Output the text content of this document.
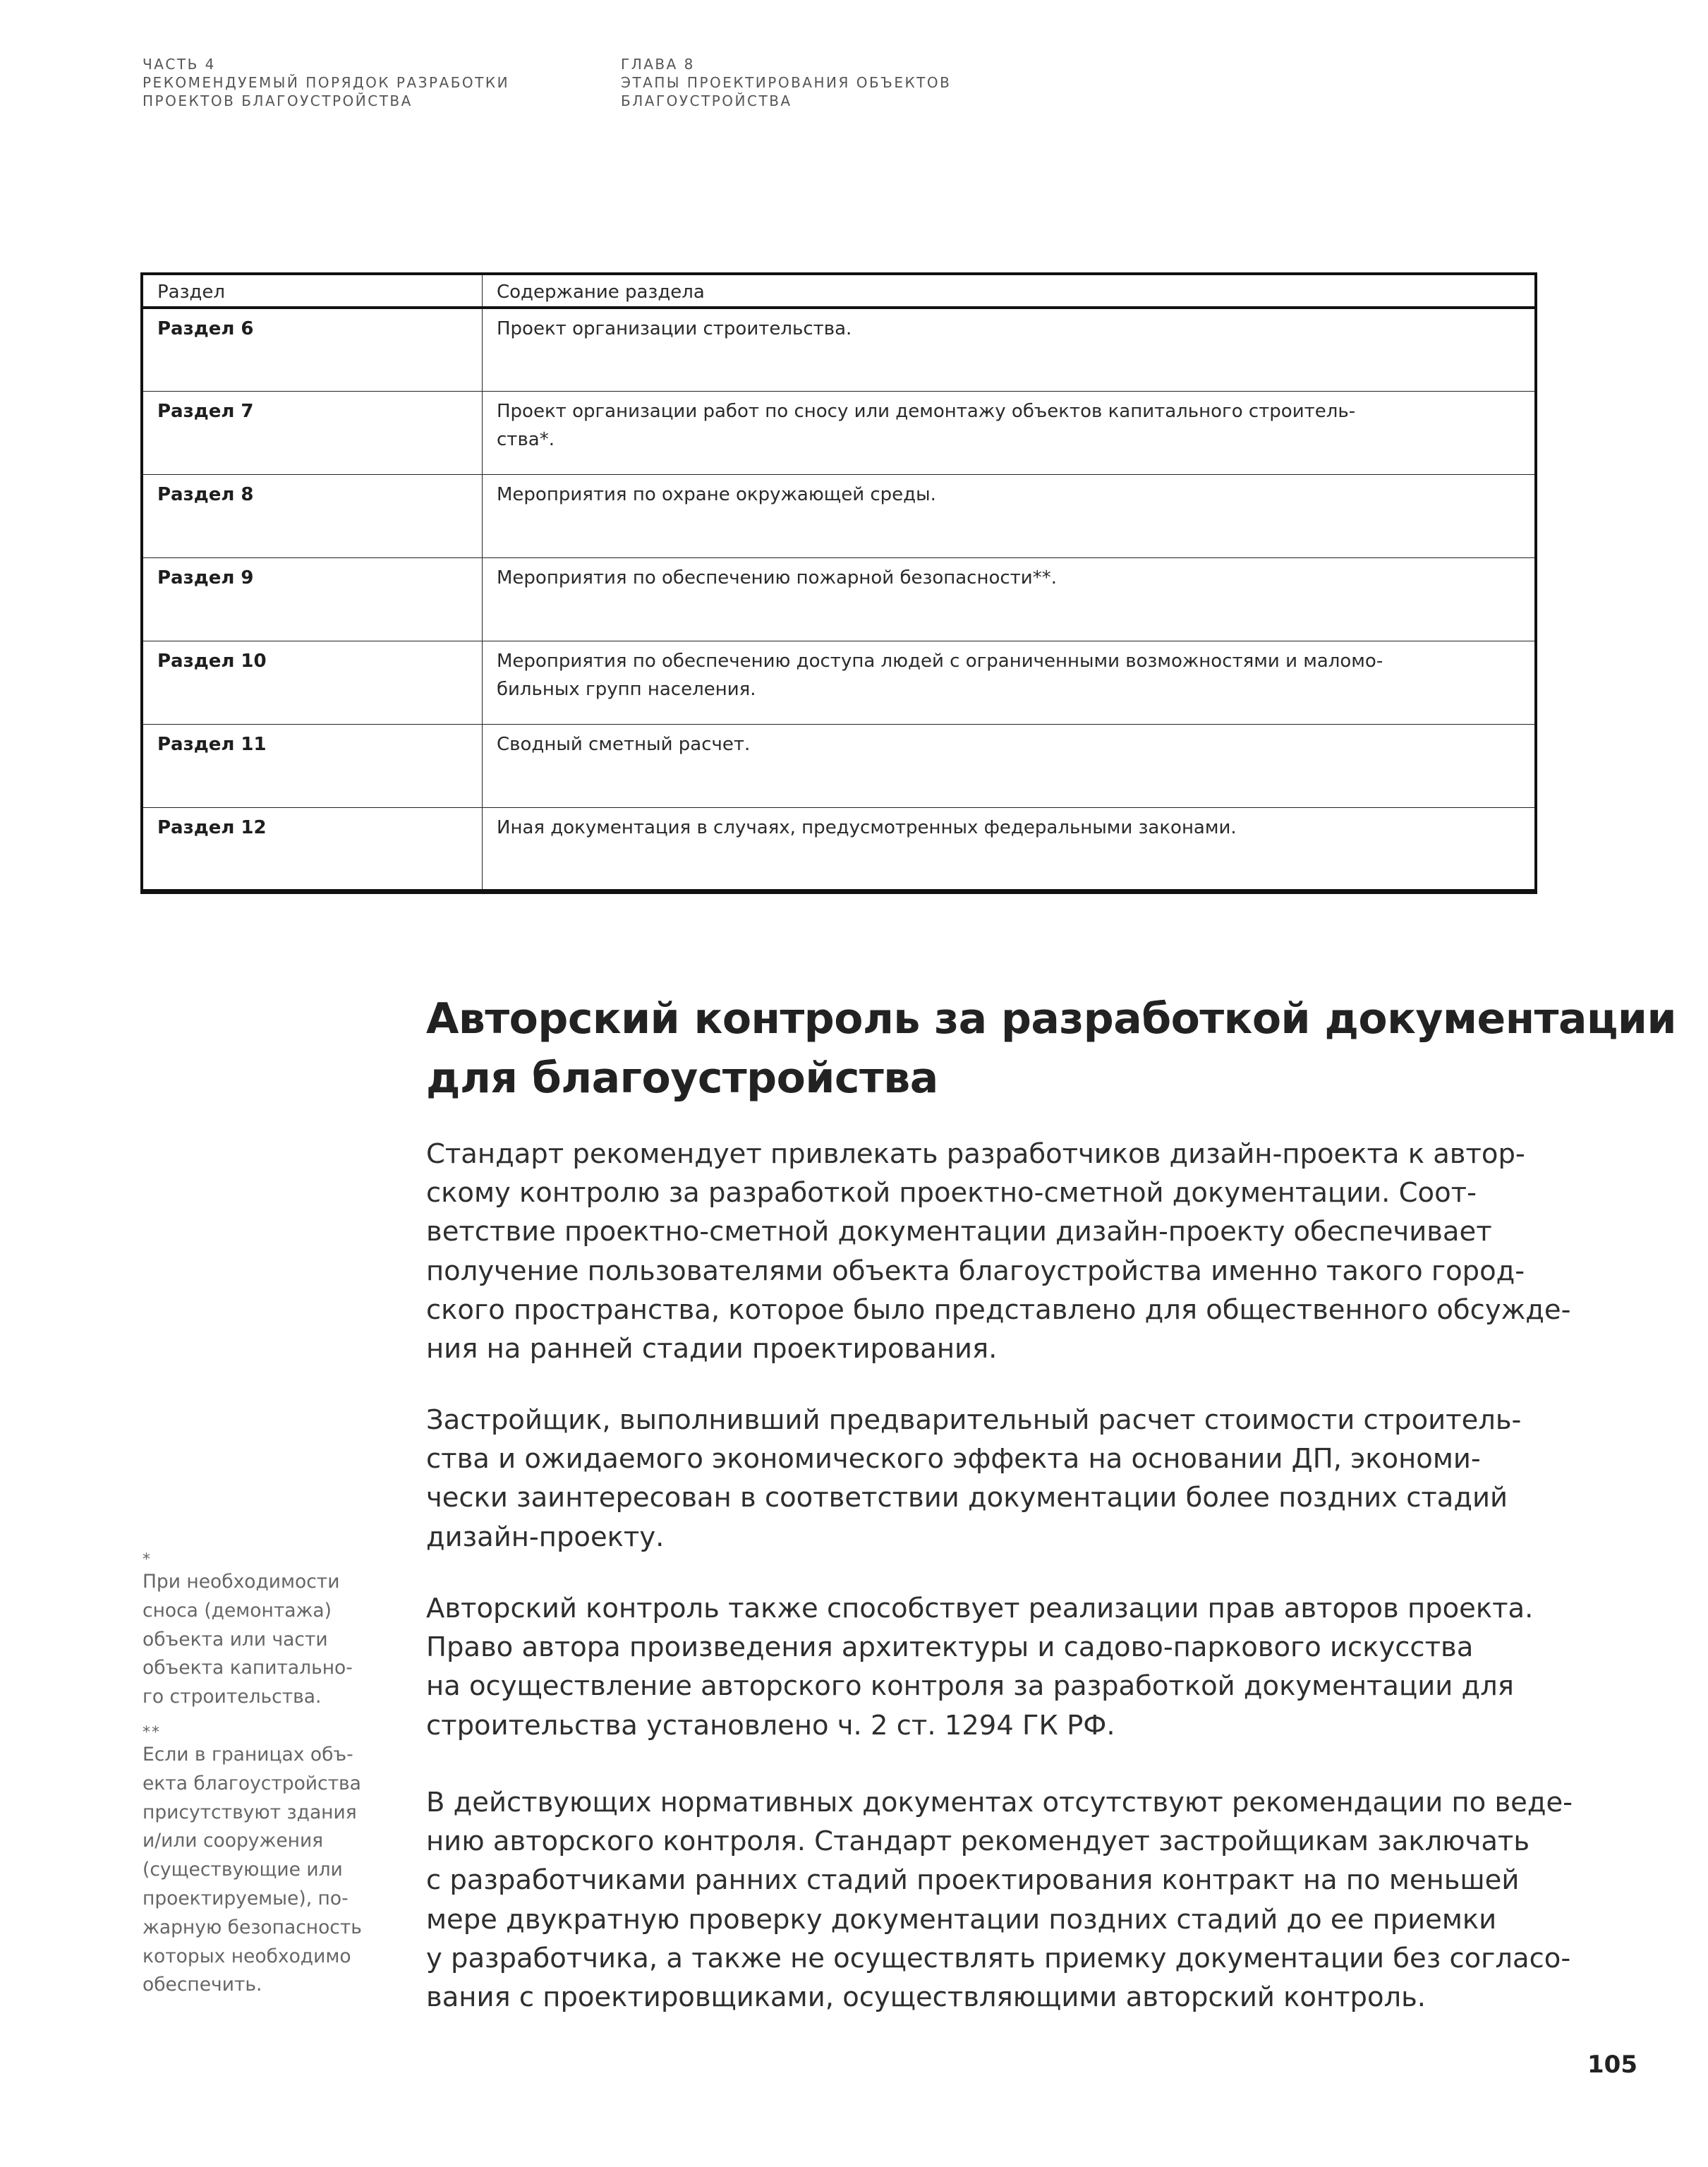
ЧАСТЬ 4
РЕКОМЕНДУЕМЫЙ ПОРЯДОК РАЗРАБОТКИ
ПРОЕКТОВ БЛАГОУСТРОЙСТВА
ГЛАВА 8
ЭТАПЫ ПРОЕКТИРОВАНИЯ ОБЪЕКТОВ
БЛАГОУСТРОЙСТВА
Раздел	Содержание раздела
Раздел 6	Проект организации строительства.
Раздел 7	Проект организации работ по сносу или демонтажу объектов капитального строитель-
ства*.
Раздел 8	Мероприятия по охране окружающей среды.
Раздел 9	Мероприятия по обеспечению пожарной безопасности**.
Раздел 10	Мероприятия по обеспечению доступа людей с ограниченными возможностями и маломо-
бильных групп населения.
Раздел 11	Сводный сметный расчет.
Раздел 12	Иная документация в случаях, предусмотренных федеральными законами.
Авторский контроль за разработкой документации
для благоустройства

Стандарт рекомендует привлекать разработчиков дизайн-проекта к автор-
скому контролю за разработкой проектно-сметной документации. Соот-
ветствие проектно-сметной документации дизайн-проекту обеспечивает
получение пользователями объекта благоустройства именно такого город-
ского пространства, которое было представлено для общественного обсужде-
ния на ранней стадии проектирования.

Застройщик, выполнивший предварительный расчет стоимости строитель-
ства и ожидаемого экономического эффекта на основании ДП, экономи-
чески заинтересован в соответствии документации более поздних стадий
дизайн-проекту.

Авторский контроль также способствует реализации прав авторов проекта.
Право автора произведения архитектуры и садово-паркового искусства
на осуществление авторского контроля за разработкой документации для
строительства установлено ч. 2 ст. 1294 ГК РФ.

В действующих нормативных документах отсутствуют рекомендации по веде-
нию авторского контроля. Стандарт рекомендует застройщикам заключать
с разработчиками ранних стадий проектирования контракт на по меньшей
мере двукратную проверку документации поздних стадий до ее приемки
у разработчика, а также не осуществлять приемку документации без согласо-
вания с проектировщиками, осуществляющими авторский контроль.

*
При необходимости
сноса (демонтажа)
объекта или части
объекта капитально-
го строительства.
**
Если в границах объ-
екта благоустройства
присутствуют здания
и/или сооружения
(существующие или
проектируемые), по-
жарную безопасность
которых необходимо
обеспечить.
105
